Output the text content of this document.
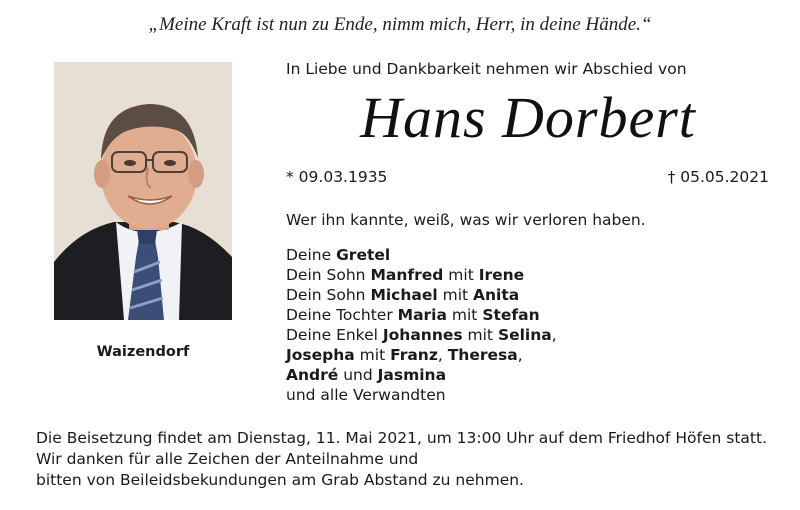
„Meine Kraft ist nun zu Ende, nimm mich, Herr, in deine Hände.“
Waizendorf
In Liebe und Dankbarkeit nehmen wir Abschied von
Hans Dorbert
* 09.03.1935	† 05.05.2021
Wer ihn kannte, weiß, was wir verloren haben.
Deine Gretel
Dein Sohn Manfred mit Irene
Dein Sohn Michael mit Anita
Deine Tochter Maria mit Stefan
Deine Enkel Johannes mit Selina,
Josepha mit Franz, Theresa,
André und Jasmina
und alle Verwandten
Die Beisetzung findet am Dienstag, 11. Mai 2021, um 13:00 Uhr auf dem Friedhof Höfen statt.
Wir danken für alle Zeichen der Anteilnahme und
bitten von Beileidsbekundungen am Grab Abstand zu nehmen.
